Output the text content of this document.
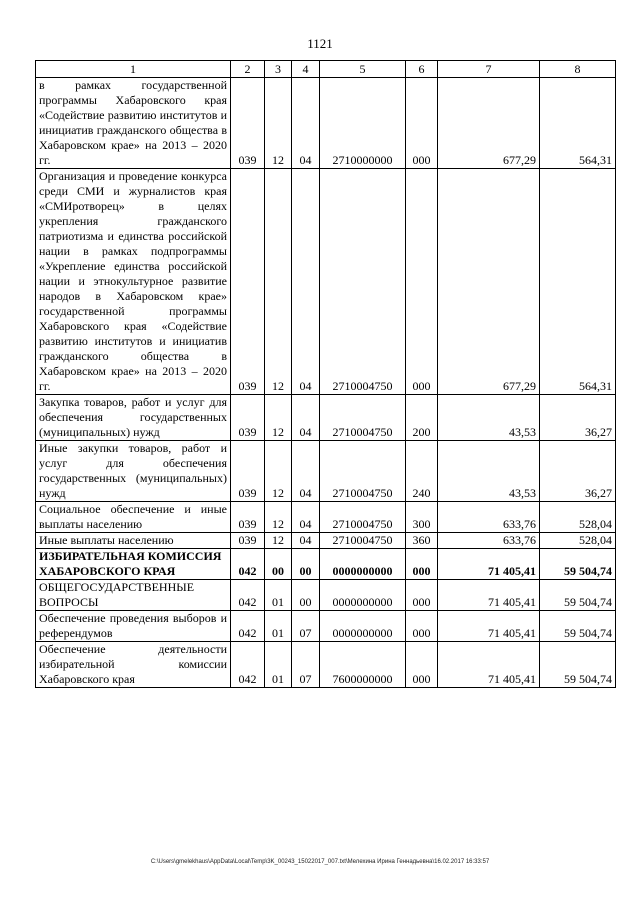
1121
1	2	3	4	5	6	7	8
в рамках государственной программы Хабаровского края «Содействие развитию институтов и инициатив гражданского общества в Хабаровском крае» на 2013 – 2020 гг.	039	12	04	2710000000	000	677,29	564,31
Организация и проведение конкурса среди СМИ и журналистов края «СМИротворец» в целях укрепления гражданского патриотизма и единства российской нации в рамках подпрограммы «Укрепление единства российской нации и этнокультурное развитие народов в Хабаровском крае» государственной программы Хабаровского края «Содействие развитию институтов и инициатив гражданского общества в Хабаровском крае» на 2013 – 2020 гг.	039	12	04	2710004750	000	677,29	564,31
Закупка товаров, работ и услуг для обеспечения государственных (муниципальных) нужд	039	12	04	2710004750	200	43,53	36,27
Иные закупки товаров, работ и услуг для обеспечения государственных (муниципальных) нужд	039	12	04	2710004750	240	43,53	36,27
Социальное обеспечение и иные выплаты населению	039	12	04	2710004750	300	633,76	528,04
Иные выплаты населению	039	12	04	2710004750	360	633,76	528,04
ИЗБИРАТЕЛЬНАЯ КОМИССИЯ ХАБАРОВСКОГО КРАЯ	042	00	00	0000000000	000	71 405,41	59 504,74
ОБЩЕГОСУДАРСТВЕННЫЕ ВОПРОСЫ	042	01	00	0000000000	000	71 405,41	59 504,74
Обеспечение проведения выборов и референдумов	042	01	07	0000000000	000	71 405,41	59 504,74
Обеспечение деятельности избирательной комиссии Хабаровского края	042	01	07	7600000000	000	71 405,41	59 504,74
C:\Users\gmelekhaus\AppData\Local\Temp\3K_00243_15022017_007.txt\Мелехина Ирина Геннадьевна\16.02.2017 16:33:57
